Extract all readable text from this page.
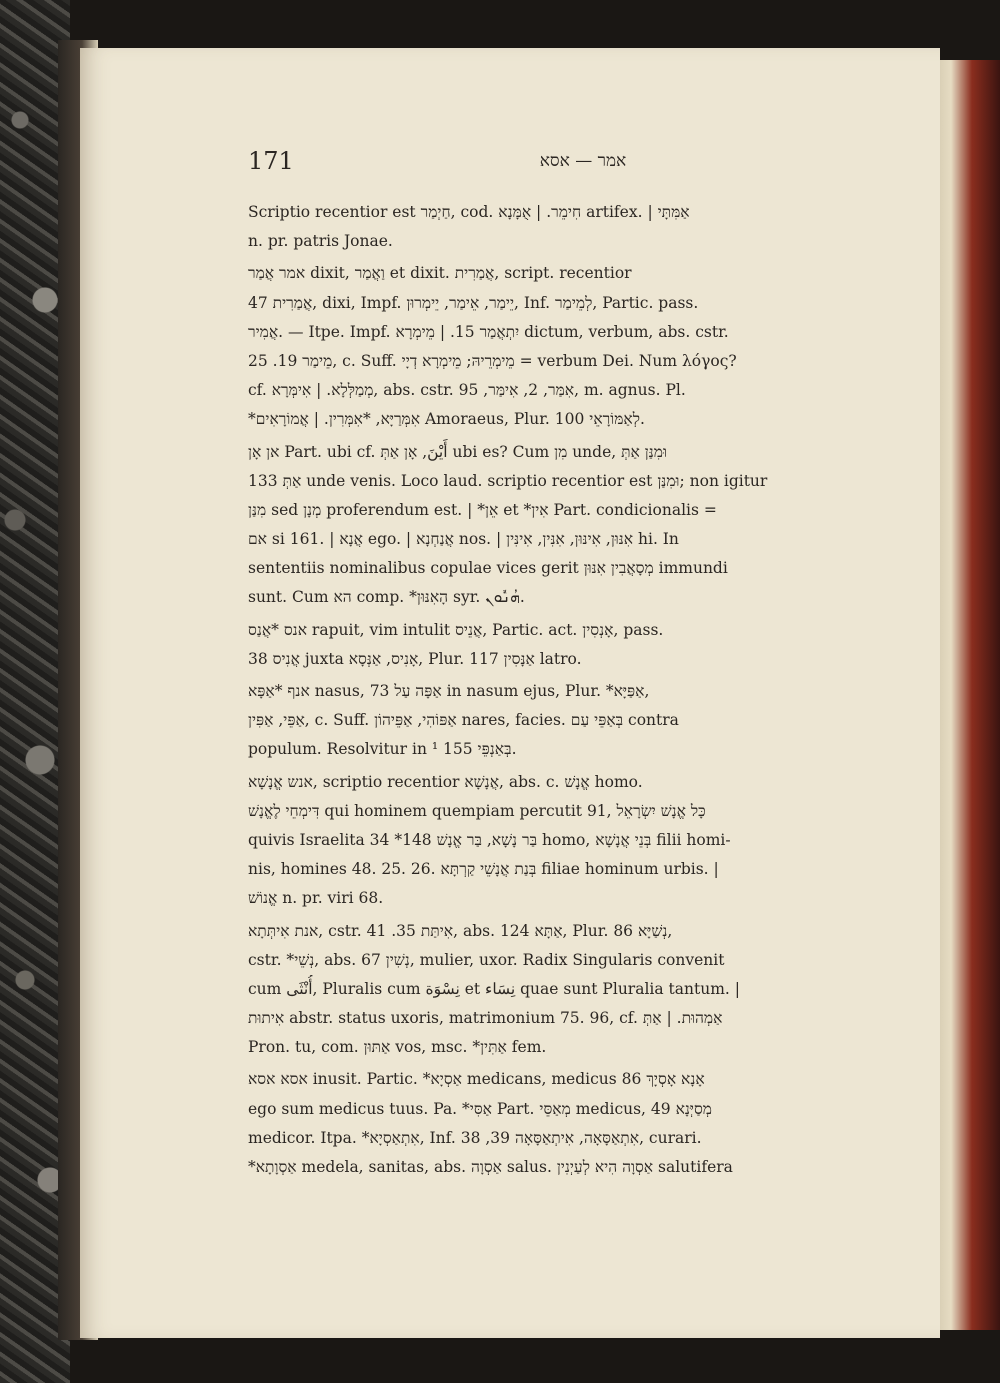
171	אמר — אסא
Scriptio recentior est חַיְמַר, cod. חִימֵר. | אֻמָּנָא artifex. | אַמִּתָּי
n. pr. patris Jonae.
אמר אֲמַר dixit, וַאֲמַר et dixit. אֲמַרִית, script. recentior
אֲמַרִית 47, dixi, Impf. יֵימַר, אֵימַר, יֵימְרוּן, Inf. לְמֵימַר, Partic. pass.
אֲמִיר. — Itpe. Impf. יִתְאֲמַר 15. | מֵימְרָא dictum, verbum, abs. cstr.
מֵימַר 19. 25, c. Suff. מֵימְרֵיהּ; מֵימְרָא דְיָי = verbum Dei. Num λόγος?
cf. מְמַלְּלָא. | אִימְּרָא, abs. cstr. אִמַּר, 2, אִימַּר, 95, m. agnus. Pl.
*אִמְּרַיָּא, *אִמְּרִין. | אֲמוֹרָאִים Amoraeus, Plur. לְאַמּוֹרָאֵי 100.
אן אָן Part. ubi cf. أَيْنَ, אָן אַתְּ ubi es? Cum מִן unde, וּמִנַּן אַתְּ
אַתְּ 133 unde venis. Loco laud. scriptio recentior est וּמִנַּן; non igitur
מִנַּן sed מְנָן proferendum est. | *אֵן et *אִין Part. condicionalis =
אם si 161. | אֲנָא ego. | אֲנַחְנָא nos. | אִנּוּן, אִינּוּן, אִנִּין, אִינִּין hi. In
sententiis nominalibus copulae vices gerit מְסָאֲבִין אִנּוּן immundi
sunt. Cum הא comp. *הָאִנּוּן syr. ܗܳܢܽܘܢ.
אנס *אֲנַס rapuit, vim intulit אֲנֵיס, Partic. act. אָנְסִין, pass.
אֲנִיס 38 juxta אָנִיס, אַנְּסָא, Plur. אַנָּסִין 117 latro.
אנף *אַפָּא nasus, אַפָּה עַל 73 in nasum ejus, Plur. *אַפַּיָּא,
אַפֵּי, אַפִּין, c. Suff. אַפּוֹהִי, אַפֵּיהוֹן nares, facies. בְּאַפֵּי עַם contra
populum. Resolvitur in בְּאַנְפֵּי 155 ¹.
אנש אֱנָשָׁא, scriptio recentior אֲנָשָׁא, abs. c. אֱנָשׁ homo.
דִּימְחֵי לֶאֱנָשׁ qui hominem quempiam percutit 91, כָּל אֱנָשׁ יִשְׂרָאֵל
quivis Israelita 34 *בַּר נָשָׁא, בַּר אֱנָשׁ 148 homo, בְּנֵי אֲנָשָׁא filii homi-
nis, homines 48. 25. 26. בְּנַת אֲנָשֵׁי קַרְתָּא filiae hominum urbis. |
אֱנוֹשׁ n. pr. viri 68.
אנת אִיתְּתָא, cstr. אִיתַּת 35. 41, abs. אַתָּא 124, Plur. נְשַׁיָּא 86,
cstr. *נְשֵׁי, abs. נְשִׁין 67, mulier, uxor. Radix Singularis convenit
cum أُنْثَى, Pluralis cum نِسْوَة et نِسَاء quae sunt Pluralia tantum. |
אִיתוּת abstr. status uxoris, matrimonium 75. 96, cf. אַמְהוּת. | אַתְּ
Pron. tu, com. אַתּוּן vos, msc. *אַתִּין fem.
אסא אסא inusit. Partic. *אַסְיָא medicans, medicus אָנָא אָסְיָךְ 86
ego sum medicus tuus. Pa. *אַסִּי Part. מְאַסֵּי medicus, מְסַיְּנָא 49
medicor. Itpa. *אִתְאַסְיָא, Inf. אִתְאַסָּאָה, אִיתְאַסָּאָה 39, 38, curari.
*אַסְוָתָא medela, sanitas, abs. אַסְוָה salus. אַסְוָה הִיא לְעַיְנִין salutifera
